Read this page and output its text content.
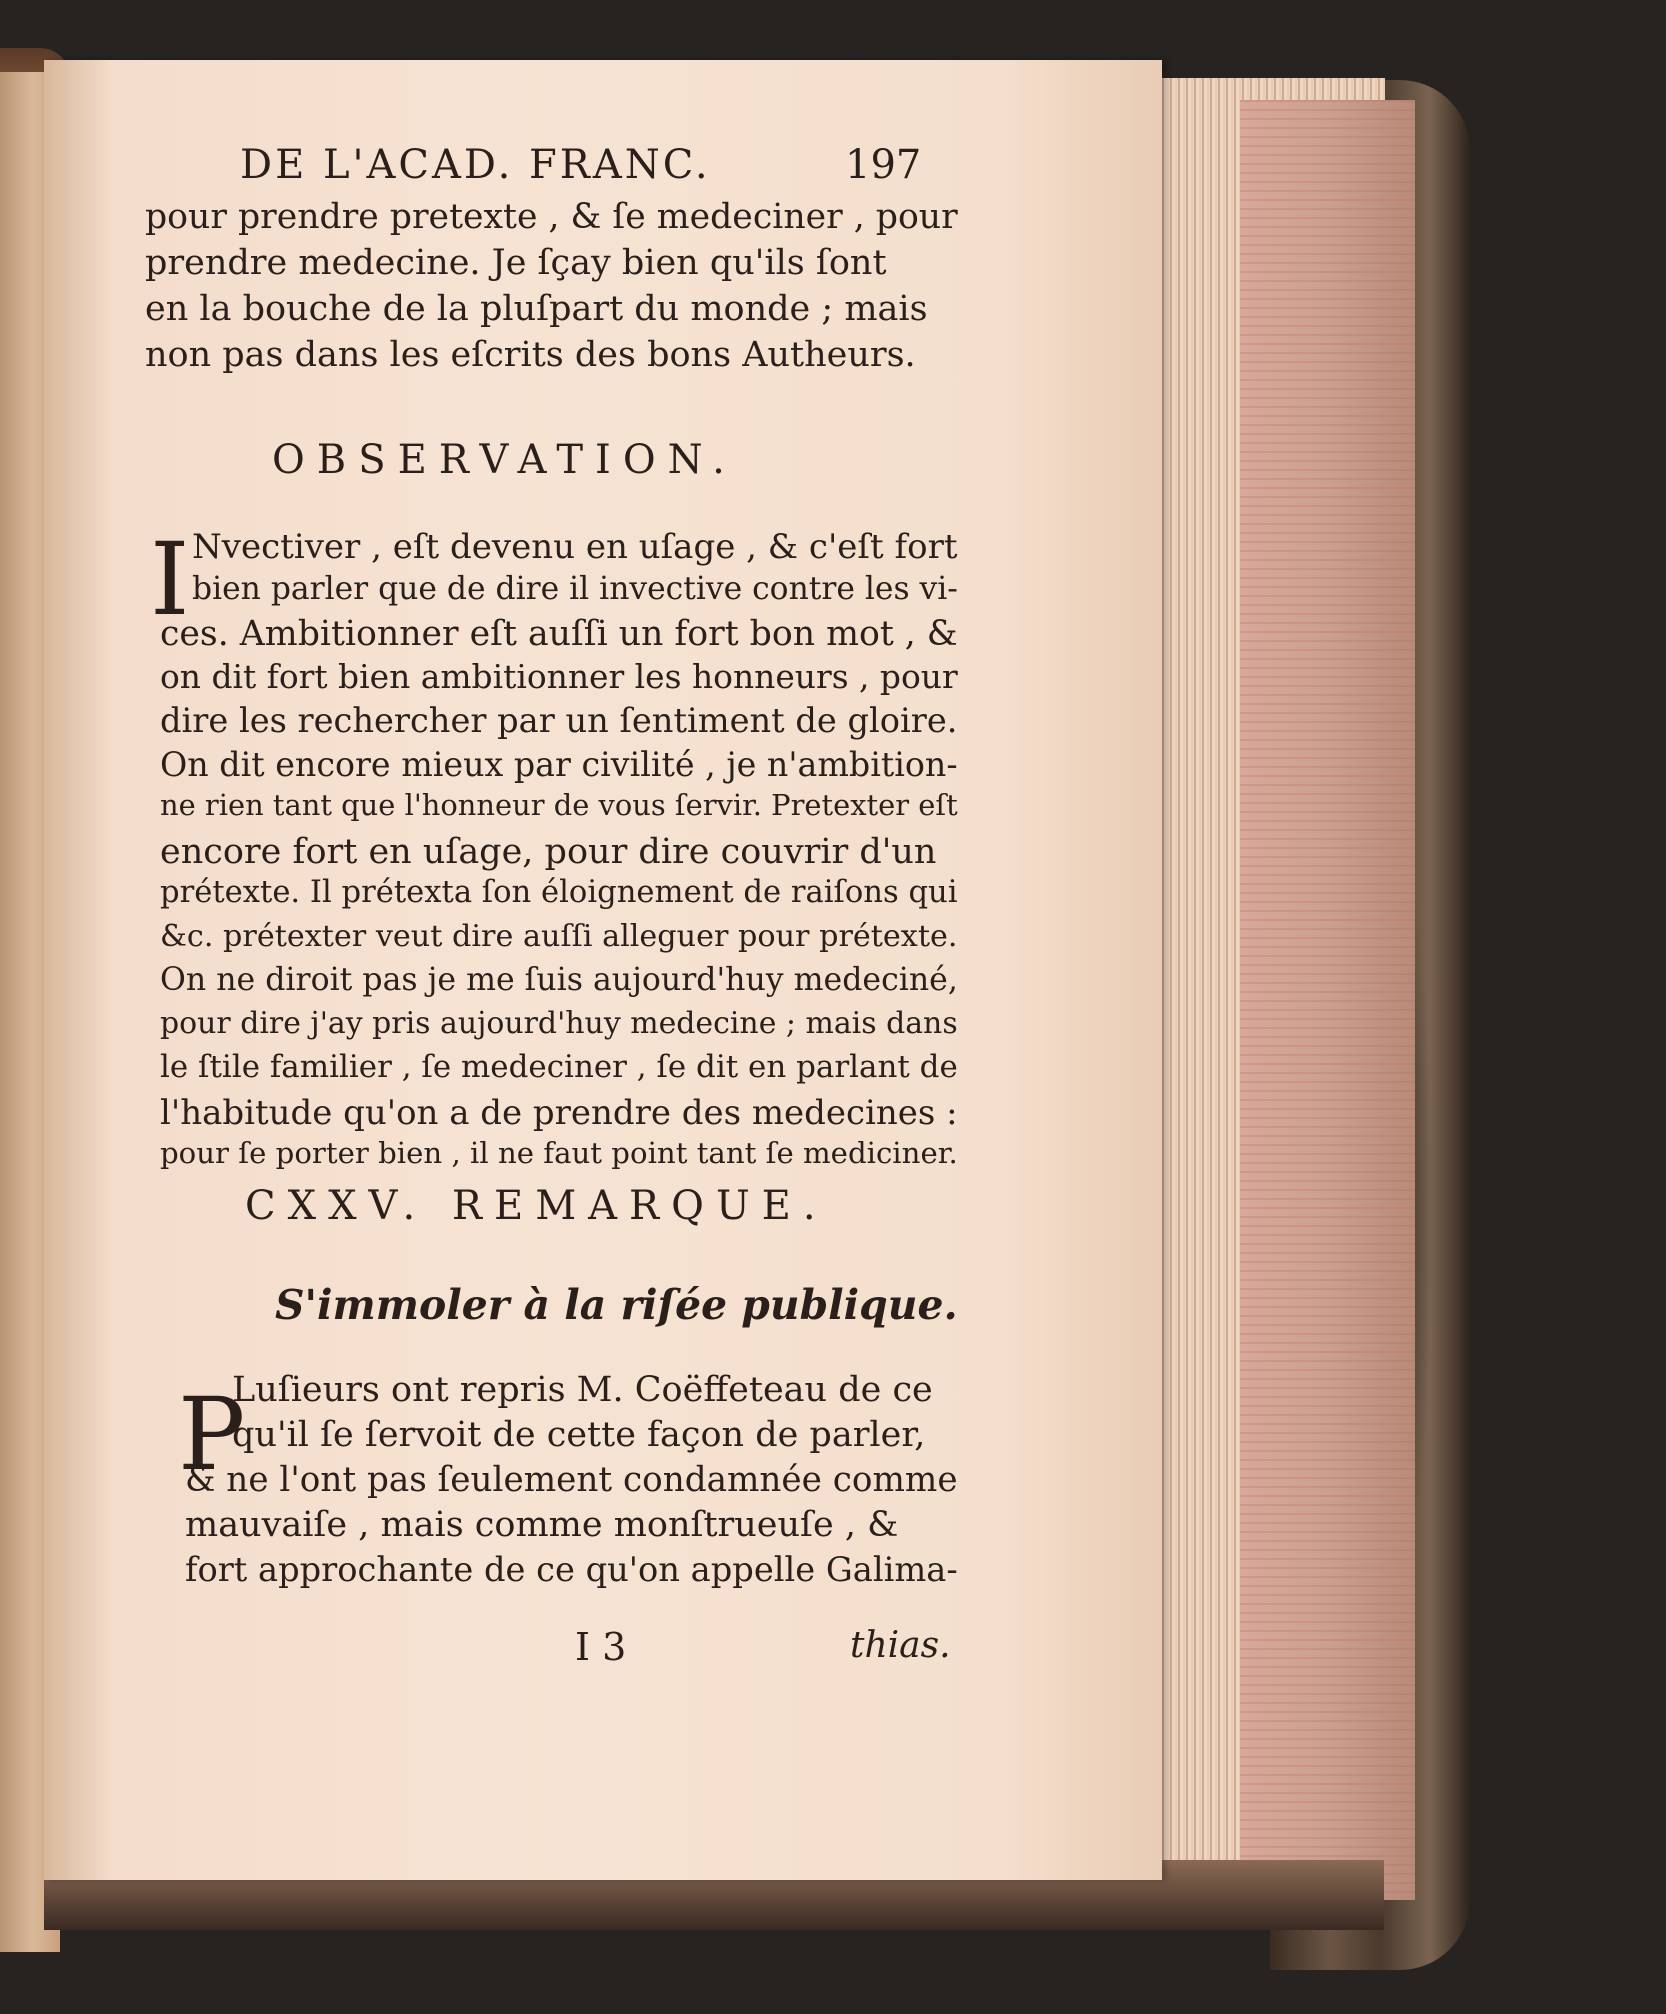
DE L'ACAD. FRANC.	197
pour prendre pretexte , & ſe medeciner , pour
prendre medecine. Je ſçay bien qu'ils ſont
en la bouche de la pluſpart du monde ; mais
non pas dans les eſcrits des bons Autheurs.
OBSERVATION.
I Nvectiver , eſt devenu en uſage , & c'eſt fort
bien parler que de dire il invective contre les vi-
ces. Ambitionner eſt auſſi un fort bon mot , &
on dit fort bien ambitionner les honneurs , pour
dire les rechercher par un ſentiment de gloire.
On dit encore mieux par civilité , je n'ambition-
ne rien tant que l'honneur de vous ſervir. Pretexter eſt
encore fort en uſage, pour dire couvrir d'un
prétexte. Il prétexta ſon éloignement de raiſons qui
&c. prétexter veut dire auſſi alleguer pour prétexte.
On ne diroit pas je me ſuis aujourd'huy medeciné,
pour dire j'ay pris aujourd'huy medecine ; mais dans
le ſtile familier , ſe medeciner , ſe dit en parlant de
l'habitude qu'on a de prendre des medecines :
pour ſe porter bien , il ne faut point tant ſe mediciner.
CXXV. REMARQUE.
S'immoler à la riſée publique.
P
Luſieurs ont repris M. Coëffeteau de ce
qu'il ſe ſervoit de cette façon de parler,
& ne l'ont pas ſeulement condamnée comme
mauvaiſe , mais comme monſtrueuſe , &
fort approchante de ce qu'on appelle Galima-
I 3	thias.
